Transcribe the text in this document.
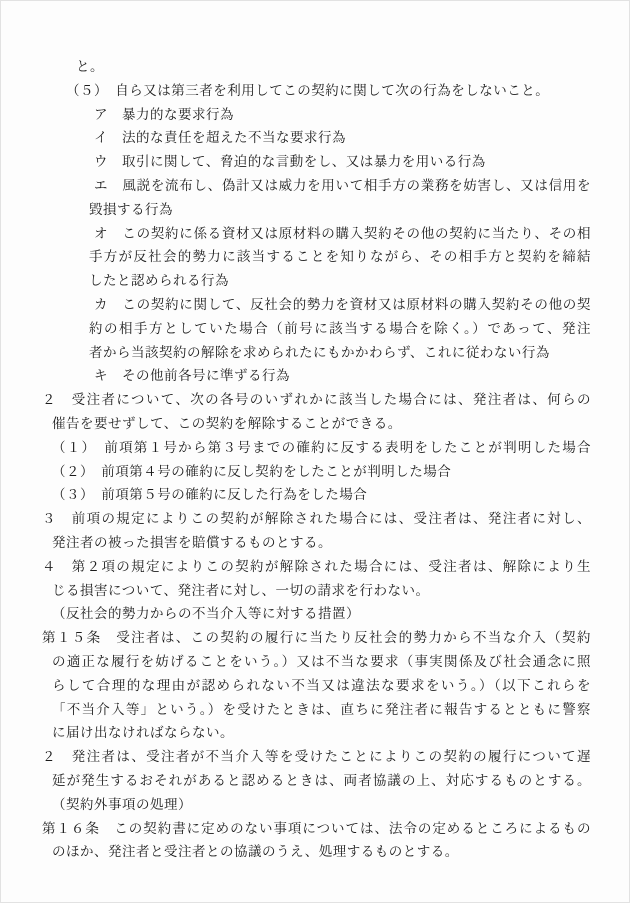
と。
（５）　自ら又は第三者を利用してこの契約に関して次の行為をしないこと。
ア　暴力的な要求行為
イ　法的な責任を超えた不当な要求行為
ウ　取引に関して、脅迫的な言動をし、又は暴力を用いる行為
エ　風説を流布し、偽計又は威力を用いて相手方の業務を妨害し、又は信用を
毀損する行為
オ　この契約に係る資材又は原材料の購入契約その他の契約に当たり、その相
手方が反社会的勢力に該当することを知りながら、その相手方と契約を締結
したと認められる行為
カ　この契約に関して、反社会的勢力を資材又は原材料の購入契約その他の契
約の相手方としていた場合（前号に該当する場合を除く。）であって、発注
者から当該契約の解除を求められたにもかかわらず、これに従わない行為
キ　その他前各号に準ずる行為
２　受注者について、次の各号のいずれかに該当した場合には、発注者は、何らの
催告を要せずして、この契約を解除することができる。
（１）　前項第１号から第３号までの確約に反する表明をしたことが判明した場合
（２）　前項第４号の確約に反し契約をしたことが判明した場合
（３）　前項第５号の確約に反した行為をした場合
３　前項の規定によりこの契約が解除された場合には、受注者は、発注者に対し、
発注者の被った損害を賠償するものとする。
４　第２項の規定によりこの契約が解除された場合には、受注者は、解除により生
じる損害について、発注者に対し、一切の請求を行わない。
（反社会的勢力からの不当介入等に対する措置）
第１５条　受注者は、この契約の履行に当たり反社会的勢力から不当な介入（契約
の適正な履行を妨げることをいう。）又は不当な要求（事実関係及び社会通念に照
らして合理的な理由が認められない不当又は違法な要求をいう。）（以下これらを
「不当介入等」という。）を受けたときは、直ちに発注者に報告するとともに警察
に届け出なければならない。
２　発注者は、受注者が不当介入等を受けたことによりこの契約の履行について遅
延が発生するおそれがあると認めるときは、両者協議の上、対応するものとする。
（契約外事項の処理）
第１６条　この契約書に定めのない事項については、法令の定めるところによるもの
のほか、発注者と受注者との協議のうえ、処理するものとする。
